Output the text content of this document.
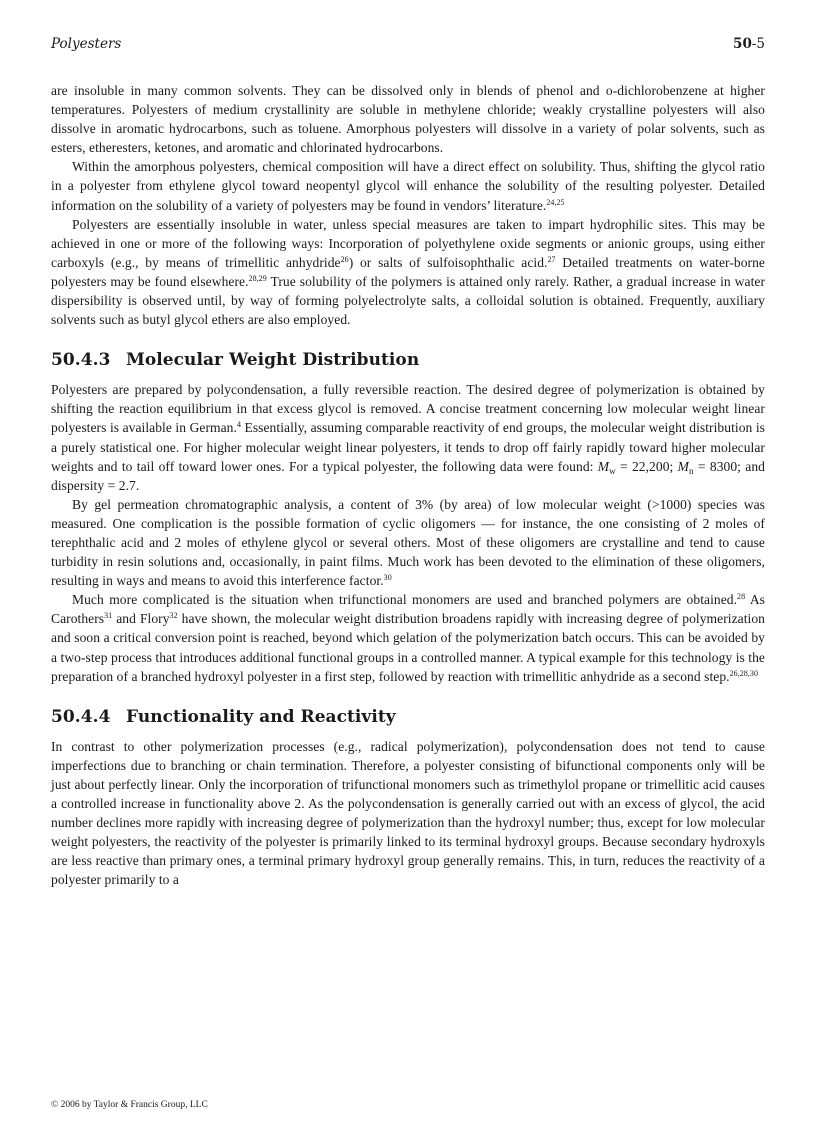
Polyesters	50-5

are insoluble in many common solvents. They can be dissolved only in blends of phenol and o-dichlorobenzene at higher temperatures. Polyesters of medium crystallinity are soluble in methylene chloride; weakly crystalline polyesters will also dissolve in aromatic hydrocarbons, such as toluene. Amorphous polyesters will dissolve in a variety of polar solvents, such as esters, etheresters, ketones, and aromatic and chlorinated hydrocarbons.

Within the amorphous polyesters, chemical composition will have a direct effect on solubility. Thus, shifting the glycol ratio in a polyester from ethylene glycol toward neopentyl glycol will enhance the solubility of the resulting polyester. Detailed information on the solubility of a variety of polyesters may be found in vendors’ literature.$^{24,25}$

Polyesters are essentially insoluble in water, unless special measures are taken to impart hydrophilic sites. This may be achieved in one or more of the following ways: Incorporation of polyethylene oxide segments or anionic groups, using either carboxyls (e.g., by means of trimellitic anhydride$^{26}$) or salts of sulfoisophthalic acid.$^{27}$ Detailed treatments on water-borne polyesters may be found elsewhere.$^{28,29}$ True solubility of the polymers is attained only rarely. Rather, a gradual increase in water dispersibility is observed until, by way of forming polyelectrolyte salts, a colloidal solution is obtained. Frequently, auxiliary solvents such as butyl glycol ethers are also employed.

50.4.3 Molecular Weight Distribution

Polyesters are prepared by polycondensation, a fully reversible reaction. The desired degree of polymerization is obtained by shifting the reaction equilibrium in that excess glycol is removed. A concise treatment concerning low molecular weight linear polyesters is available in German.$^4$ Essentially, assuming comparable reactivity of end groups, the molecular weight distribution is a purely statistical one. For higher molecular weight linear polyesters, it tends to drop off fairly rapidly toward higher molecular weights and to tail off toward lower ones. For a typical polyester, the following data were found: $M_w = 22,200$; $M_n = 8300$; and dispersity = 2.7.

By gel permeation chromatographic analysis, a content of 3% (by area) of low molecular weight (>1000) species was measured. One complication is the possible formation of cyclic oligomers — for instance, the one consisting of 2 moles of terephthalic acid and 2 moles of ethylene glycol or several others. Most of these oligomers are crystalline and tend to cause turbidity in resin solutions and, occasionally, in paint films. Much work has been devoted to the elimination of these oligomers, resulting in ways and means to avoid this interference factor.$^{30}$

Much more complicated is the situation when trifunctional monomers are used and branched polymers are obtained.$^{28}$ As Carothers$^{31}$ and Flory$^{32}$ have shown, the molecular weight distribution broadens rapidly with increasing degree of polymerization and soon a critical conversion point is reached, beyond which gelation of the polymerization batch occurs. This can be avoided by a two-step process that introduces additional functional groups in a controlled manner. A typical example for this technology is the preparation of a branched hydroxyl polyester in a first step, followed by reaction with trimellitic anhydride as a second step.$^{26,28,30}$

50.4.4 Functionality and Reactivity

In contrast to other polymerization processes (e.g., radical polymerization), polycondensation does not tend to cause imperfections due to branching or chain termination. Therefore, a polyester consisting of bifunctional components only will be just about perfectly linear. Only the incorporation of trifunctional monomers such as trimethylol propane or trimellitic acid causes a controlled increase in functionality above 2. As the polycondensation is generally carried out with an excess of glycol, the acid number declines more rapidly with increasing degree of polymerization than the hydroxyl number; thus, except for low molecular weight polyesters, the reactivity of the polyester is primarily linked to its terminal hydroxyl groups. Because secondary hydroxyls are less reactive than primary ones, a terminal primary hydroxyl group generally remains. This, in turn, reduces the reactivity of a polyester primarily to a

© 2006 by Taylor & Francis Group, LLC
